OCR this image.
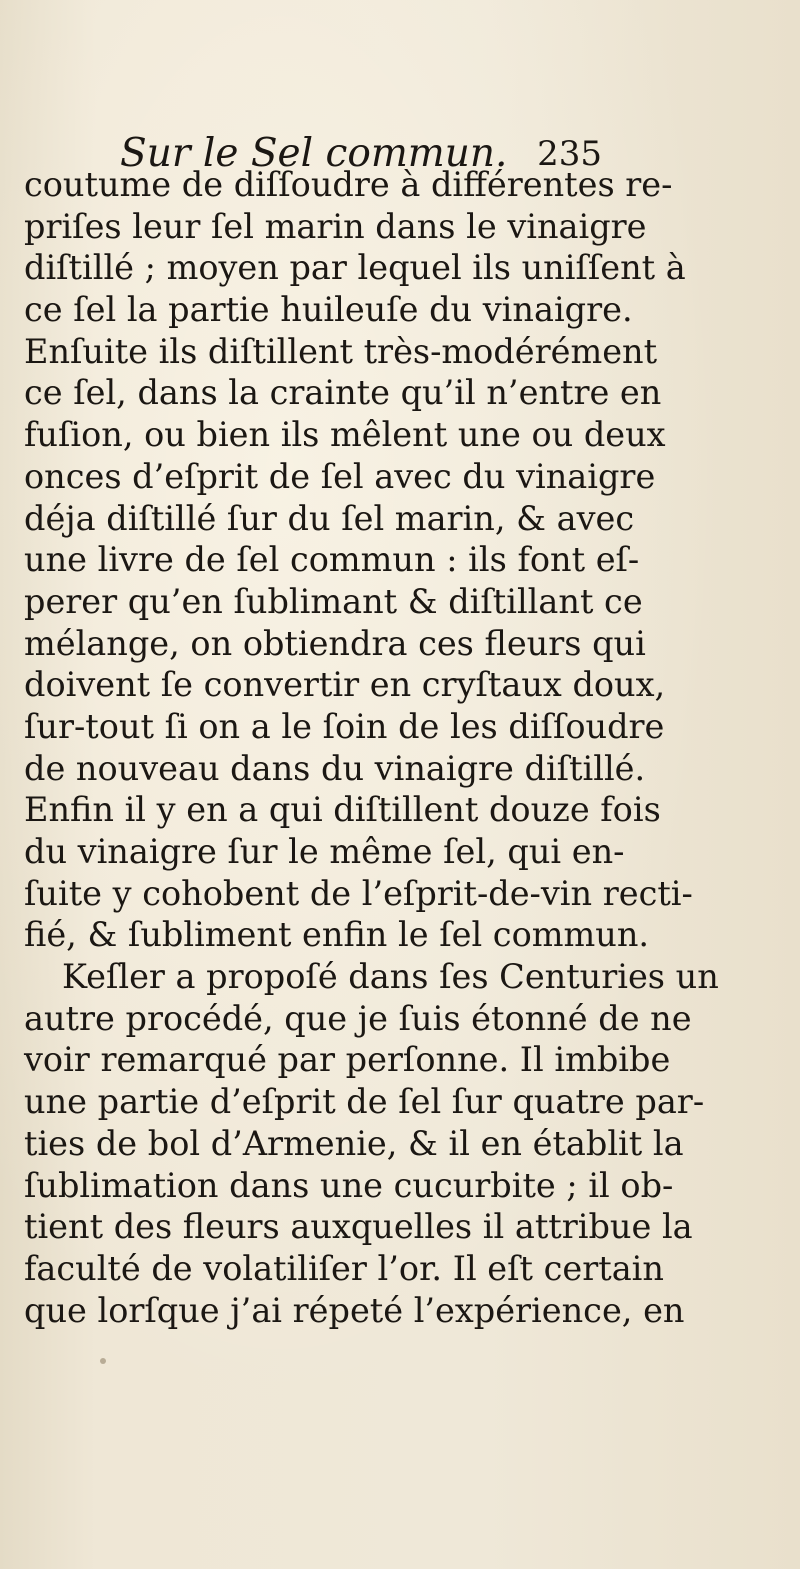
Sur le Sel commun. 235
coutume de diſſoudre à différentes re-
priſes leur ſel marin dans le vinaigre
diſtillé ; moyen par lequel ils uniſſent à
ce ſel la partie huileuſe du vinaigre.
Enſuite ils diſtillent très-modérément
ce ſel, dans la crainte qu’il n’entre en
fuſion, ou bien ils mêlent une ou deux
onces d’eſprit de ſel avec du vinaigre
déja diſtillé ſur du ſel marin, & avec
une livre de ſel commun : ils font eſ-
perer qu’en ſublimant & diſtillant ce
mélange, on obtiendra ces fleurs qui
doivent ſe convertir en cryſtaux doux,
ſur-tout ſi on a le ſoin de les diſſoudre
de nouveau dans du vinaigre diſtillé.
Enfin il y en a qui diſtillent douze fois
du vinaigre ſur le même ſel, qui en-
ſuite y cohobent de l’eſprit-de-vin recti-
fié, & ſubliment enfin le ſel commun.
Keſler a propoſé dans ſes Centuries un
autre procédé, que je ſuis étonné de ne
voir remarqué par perſonne. Il imbibe
une partie d’eſprit de ſel ſur quatre par-
ties de bol d’Armenie, & il en établit la
ſublimation dans une cucurbite ; il ob-
tient des fleurs auxquelles il attribue la
faculté de volatiliſer l’or. Il eſt certain
que lorſque j’ai répeté l’expérience, en
